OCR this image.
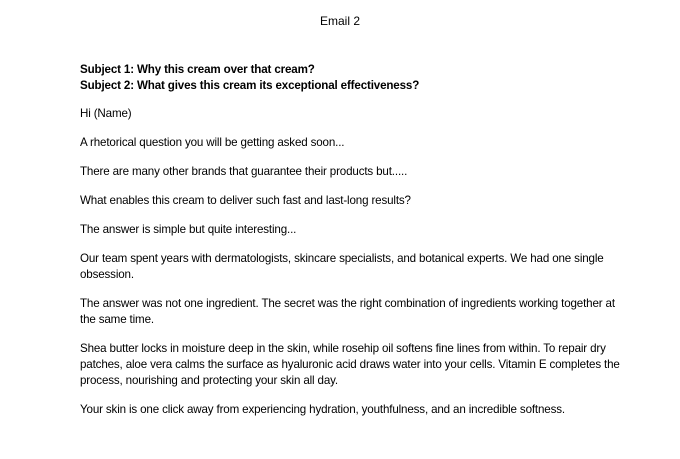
Email 2

Subject 1: Why this cream over that cream?

Subject 2: What gives this cream its exceptional effectiveness?

Hi (Name)

A rhetorical question you will be getting asked soon...

There are many other brands that guarantee their products but.....

What enables this cream to deliver such fast and last-long results?

The answer is simple but quite interesting...

Our team spent years with dermatologists, skincare specialists, and botanical experts. We had one single obsession.

The answer was not one ingredient. The secret was the right combination of ingredients working together at the same time.

Shea butter locks in moisture deep in the skin, while rosehip oil softens fine lines from within. To repair dry patches, aloe vera calms the surface as hyaluronic acid draws water into your cells. Vitamin E completes the process, nourishing and protecting your skin all day.

Your skin is one click away from experiencing hydration, youthfulness, and an incredible softness.
